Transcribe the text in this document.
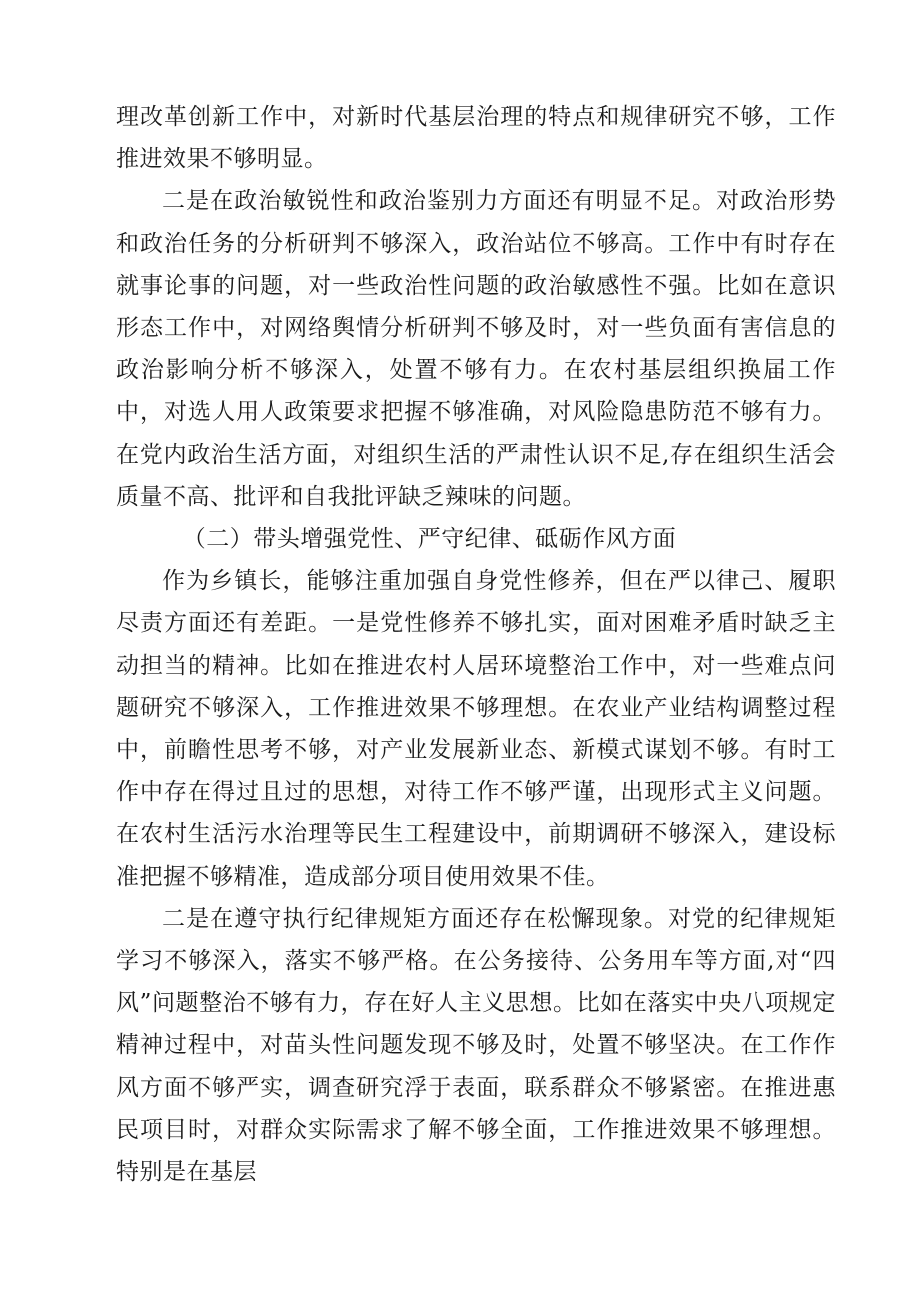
理改革创新工作中，对新时代基层治理的特点和规律研究不够，工作推进效果不够明显。

二是在政治敏锐性和政治鉴别力方面还有明显不足。对政治形势和政治任务的分析研判不够深入，政治站位不够高。工作中有时存在就事论事的问题，对一些政治性问题的政治敏感性不强。比如在意识形态工作中，对网络舆情分析研判不够及时，对一些负面有害信息的政治影响分析不够深入，处置不够有力。在农村基层组织换届工作中，对选人用人政策要求把握不够准确，对风险隐患防范不够有力。在党内政治生活方面，对组织生活的严肃性认识不足,存在组织生活会质量不高、批评和自我批评缺乏辣味的问题。

（二）带头增强党性、严守纪律、砥砺作风方面

作为乡镇长，能够注重加强自身党性修养，但在严以律己、履职尽责方面还有差距。一是党性修养不够扎实，面对困难矛盾时缺乏主动担当的精神。比如在推进农村人居环境整治工作中，对一些难点问题研究不够深入，工作推进效果不够理想。在农业产业结构调整过程中，前瞻性思考不够，对产业发展新业态、新模式谋划不够。有时工作中存在得过且过的思想，对待工作不够严谨，出现形式主义问题。在农村生活污水治理等民生工程建设中，前期调研不够深入，建设标准把握不够精准，造成部分项目使用效果不佳。

二是在遵守执行纪律规矩方面还存在松懈现象。对党的纪律规矩学习不够深入，落实不够严格。在公务接待、公务用车等方面,对“四风”问题整治不够有力，存在好人主义思想。比如在落实中央八项规定精神过程中，对苗头性问题发现不够及时，处置不够坚决。在工作作风方面不够严实，调查研究浮于表面，联系群众不够紧密。在推进惠民项目时，对群众实际需求了解不够全面，工作推进效果不够理想。特别是在基层
